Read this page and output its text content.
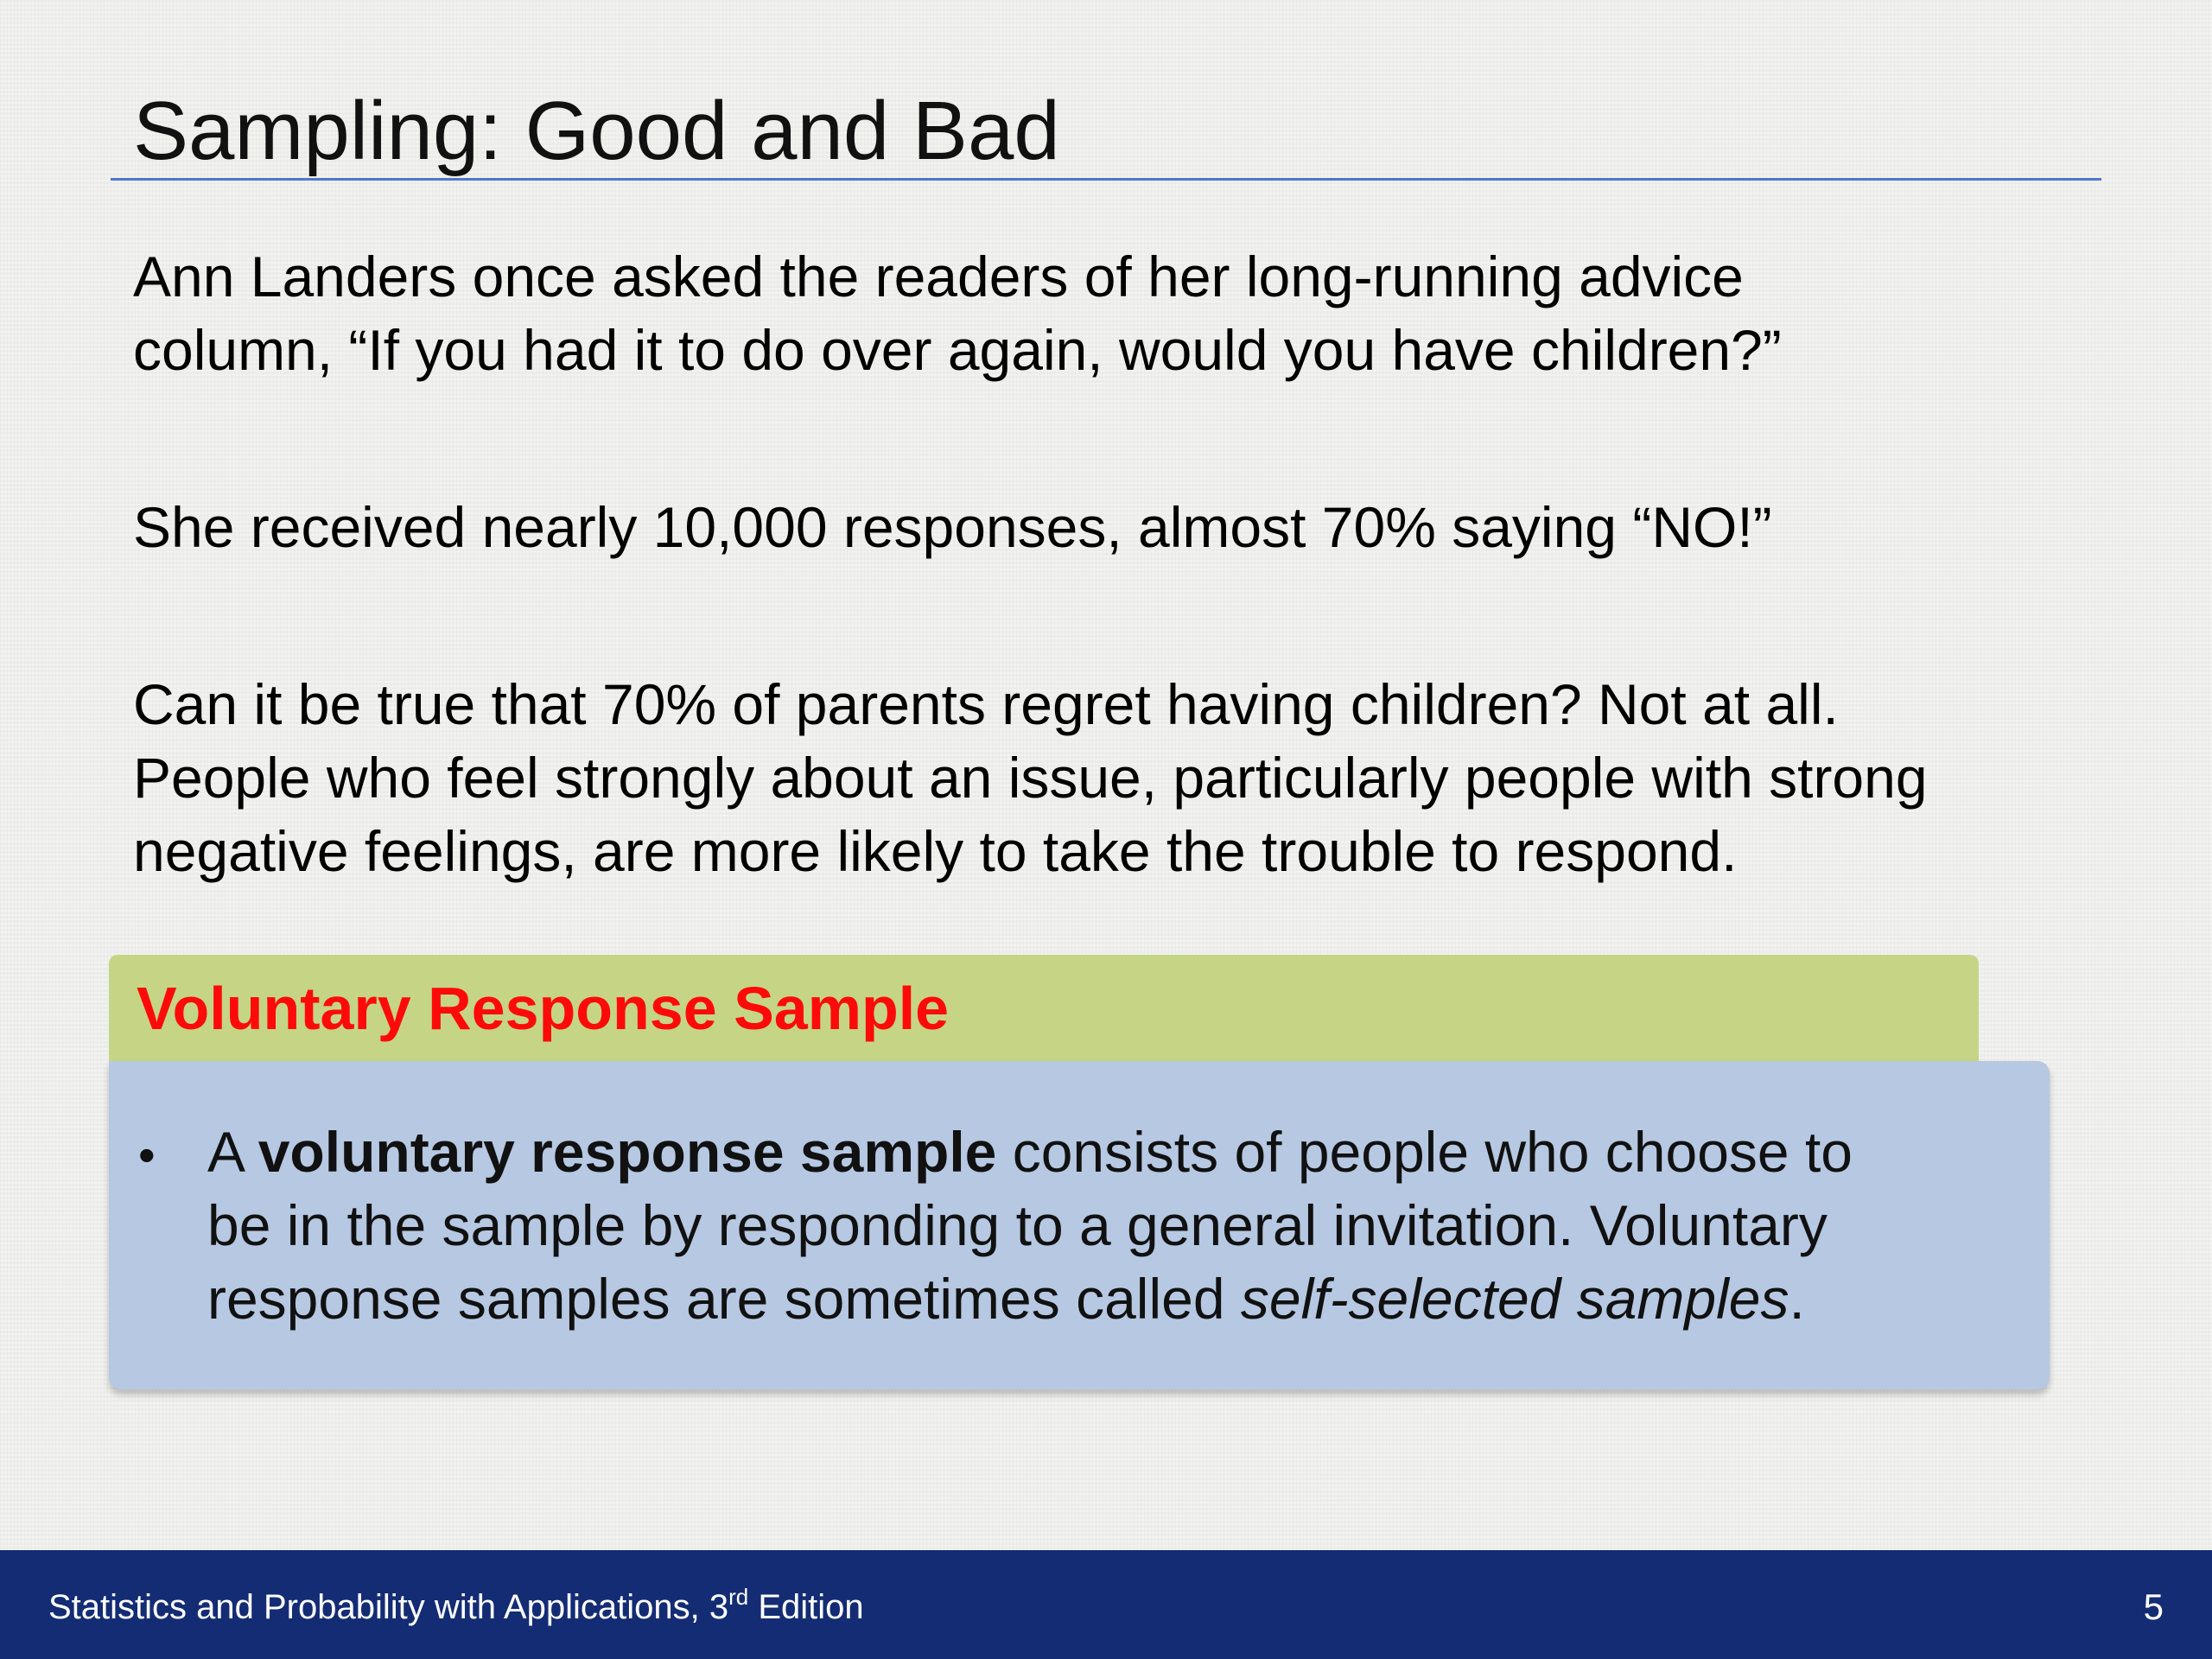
Sampling: Good and Bad

Ann Landers once asked the readers of her long-running advice
column, “If you had it to do over again, would you have children?”

She received nearly 10,000 responses, almost 70% saying “NO!”

Can it be true that 70% of parents regret having children? Not at all.
People who feel strongly about an issue, particularly people with strong
negative feelings, are more likely to take the trouble to respond.

Voluntary Response Sample
• A voluntary response sample consists of people who choose to
be in the sample by responding to a general invitation. Voluntary
response samples are sometimes called self-selected samples.

Statistics and Probability with Applications, 3rd Edition	5
